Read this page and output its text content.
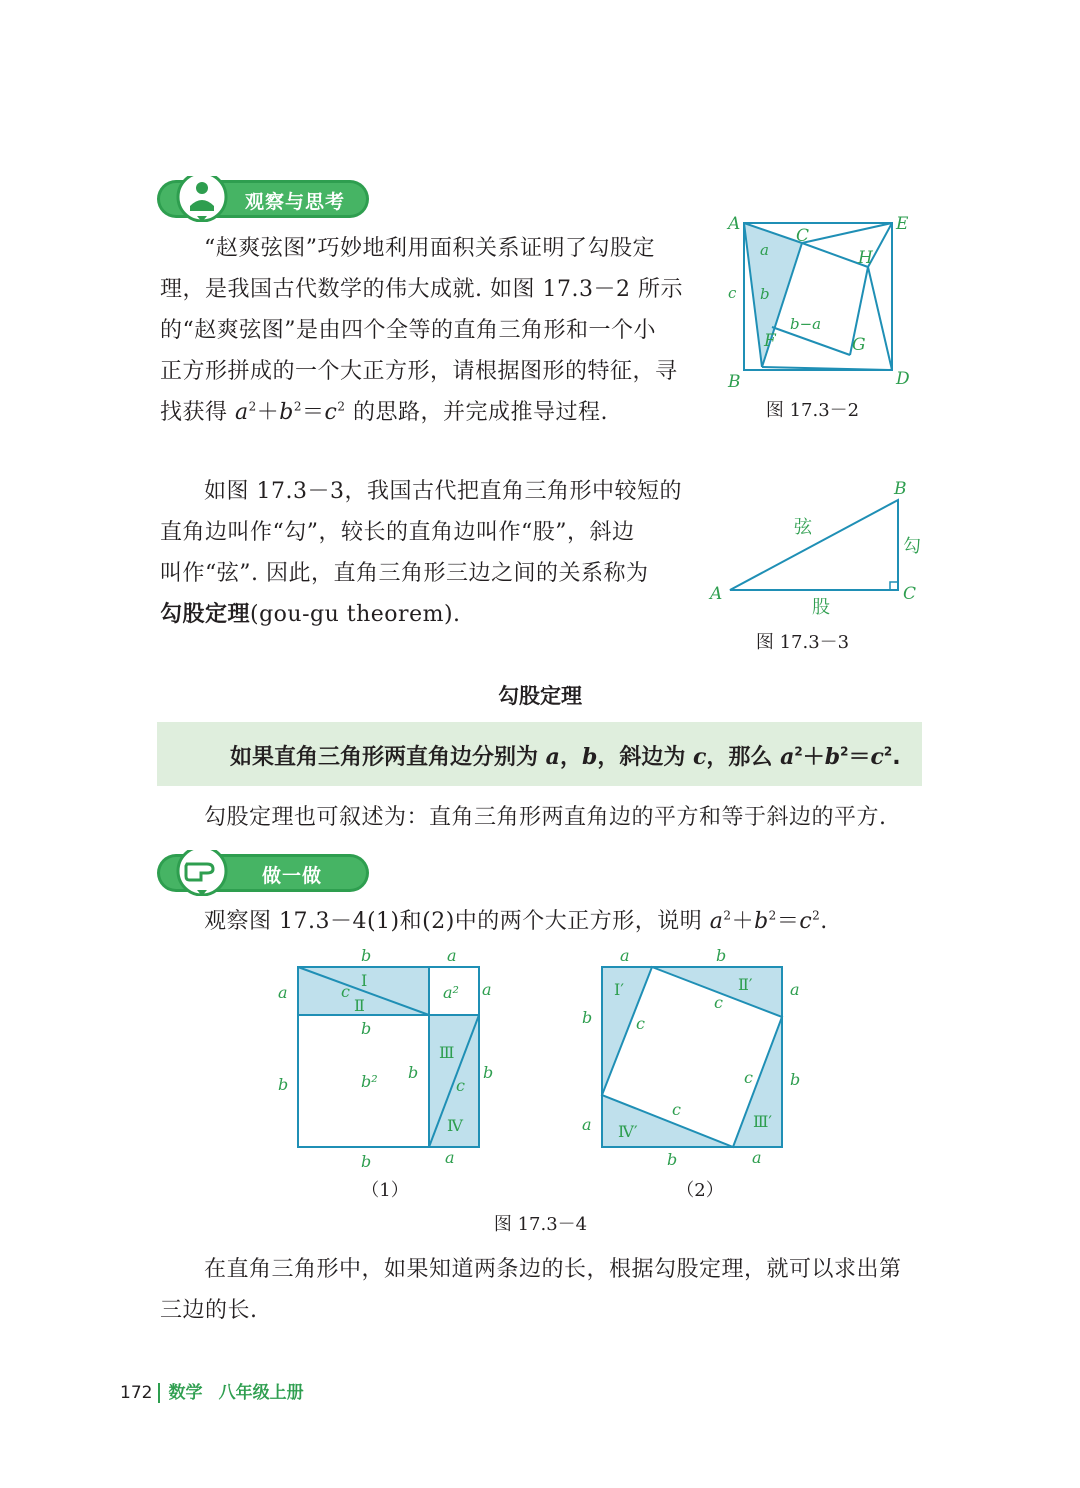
观察与思考

“赵爽弦图”巧妙地利用面积关系证明了勾股定

理，是我国古代数学的伟大成就. 如图 17.3－2 所示

的“赵爽弦图”是由四个全等的直角三角形和一个小

正方形拼成的一个大正方形，请根据图形的特征，寻

找获得 $a^2+b^2=c^2$ 的思路，并完成推导过程.

A	E
B	D
C
H
F	G
a
c b
b−a
图 17.3－2

如图 17.3－3，我国古代把直角三角形中较短的

直角边叫作“勾”，较长的直角边叫作“股”，斜边

叫作“弦”. 因此，直角三角形三边之间的关系称为

勾股定理(gou-gu theorem).

A
B
C
弦
勾
股
图 17.3－3
勾股定理
如果直角三角形两直角边分别为 a，b，斜边为 c，那么 $a^2+b^2=c^2$.
勾股定理也可叙述为：直角三角形两直角边的平方和等于斜边的平方.
做一做
观察图 17.3－4(1)和(2)中的两个大正方形，说明 $a^2+b^2=c^2$.
b	a
a	a
c
b
b
b	b
c
b	a
a²
b²
Ⅰ
Ⅱ
Ⅲ
Ⅳ
（1）
a	b
a
b
b
a
b	a
c
c
c
c
Ⅰ′	Ⅱ′
Ⅲ′
Ⅳ′
（2）
图 17.3－4

在直角三角形中，如果知道两条边的长，根据勾股定理，就可以求出第

三边的长.

172 数学 八年级上册
